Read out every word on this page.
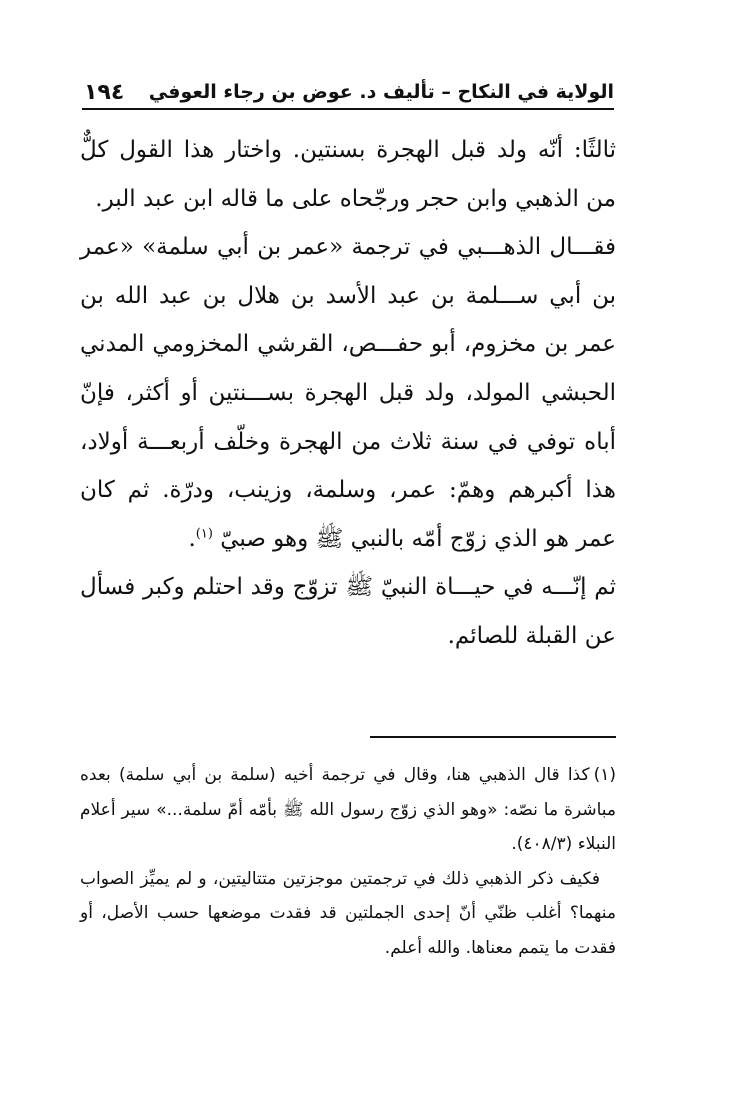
الولاية في النكاح – تأليف د. عوض بن رجاء العوفي
١٩٤

ثالثًا: أنّه ولد قبل الهجرة بسنتين. واختار هذا القول كلٌّ من الذهبي وابن حجر ورجّحاه على ما قاله ابن عبد البر.

فقـــال الذهـــبي في ترجمة «عمر بن أبي سلمة» «عمر بن أبي ســـلمة بن عبد الأسد بن هلال بن عبد الله بن عمر بن مخزوم، أبو حفـــص، القرشي المخزومي المدني الحبشي المولد، ولد قبل الهجرة بســـنتين أو أكثر، فإنّ أباه توفي في سنة ثلاث من الهجرة وخلّف أربعـــة أولاد، هذا أكبرهم وهمّ: عمر، وسلمة، وزينب، ودرّة. ثم كان عمر هو الذي زوّج أمّه بالنبي ﷺ وهو صبيّ $^{(١)}$.

ثم إنّـــه في حيـــاة النبيّ ﷺ تزوّج وقد احتلم وكبر فسأل عن القبلة للصائم.

(١)كذا قال الذهبي هنا، وقال في ترجمة أخيه (سلمة بن أبي سلمة) بعده مباشرة ما نصّه: «وهو الذي زوّج رسول الله ﷺ بأمّه أمّ سلمة...» سير أعلام النبلاء (٤٠٨/٣).

فكيف ذكر الذهبي ذلك في ترجمتين موجزتين متتاليتين، و لم يميِّز الصواب منهما؟ أغلب ظنّي أنّ إحدى الجملتين قد فقدت موضعها حسب الأصل، أو فقدت ما يتمم معناها. والله أعلم.
